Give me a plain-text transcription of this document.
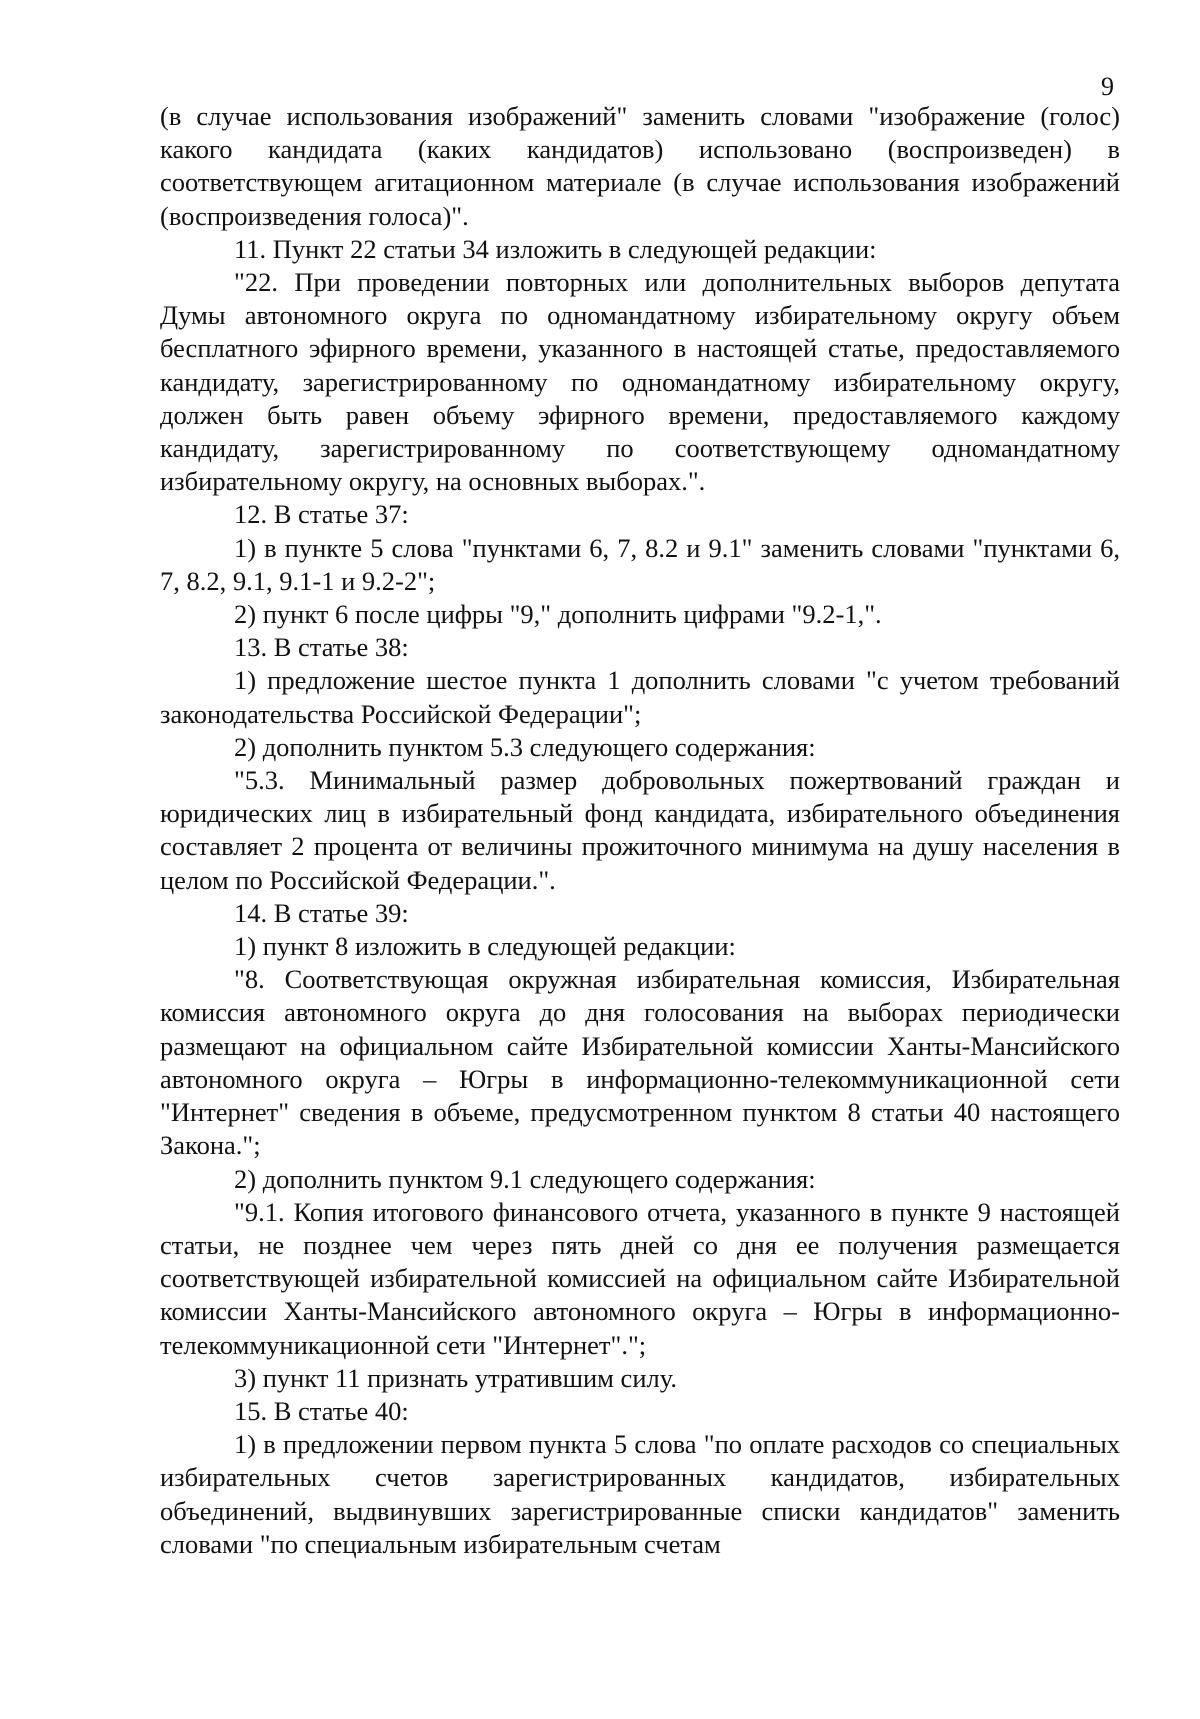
9

(в случае использования изображений" заменить словами "изображение (голос) какого кандидата (каких кандидатов) использовано (воспроизведен) в соответствующем агитационном материале (в случае использования изображений (воспроизведения голоса)".

11. Пункт 22 статьи 34 изложить в следующей редакции:

"22. При проведении повторных или дополнительных выборов депутата Думы автономного округа по одномандатному избирательному округу объем бесплатного эфирного времени, указанного в настоящей статье, предоставляемого кандидату, зарегистрированному по одномандатному избирательному округу, должен быть равен объему эфирного времени, предоставляемого каждому кандидату, зарегистрированному по соответствующему одномандатному избирательному округу, на основных выборах.".

12. В статье 37:

1) в пункте 5 слова "пунктами 6, 7, 8.2 и 9.1" заменить словами "пунктами 6, 7, 8.2, 9.1, 9.1-1 и 9.2-2";

2) пункт 6 после цифры "9," дополнить цифрами "9.2-1,".

13. В статье 38:

1) предложение шестое пункта 1 дополнить словами "с учетом требований законодательства Российской Федерации";

2) дополнить пунктом 5.3 следующего содержания:

"5.3. Минимальный размер добровольных пожертвований граждан и юридических лиц в избирательный фонд кандидата, избирательного объединения составляет 2 процента от величины прожиточного минимума на душу населения в целом по Российской Федерации.".

14. В статье 39:

1) пункт 8 изложить в следующей редакции:

"8. Соответствующая окружная избирательная комиссия, Избирательная комиссия автономного округа до дня голосования на выборах периодически размещают на официальном сайте Избирательной комиссии Ханты-Мансийского автономного округа – Югры в информационно-телекоммуникационной сети "Интернет" сведения в объеме, предусмотренном пунктом 8 статьи 40 настоящего Закона.";

2) дополнить пунктом 9.1 следующего содержания:

"9.1. Копия итогового финансового отчета, указанного в пункте 9 настоящей статьи, не позднее чем через пять дней со дня ее получения размещается соответствующей избирательной комиссией на официальном сайте Избирательной комиссии Ханты-Мансийского автономного округа – Югры в информационно-телекоммуникационной сети "Интернет".";

3) пункт 11 признать утратившим силу.

15. В статье 40:

1) в предложении первом пункта 5 слова "по оплате расходов со специальных избирательных счетов зарегистрированных кандидатов, избирательных объединений, выдвинувших зарегистрированные списки кандидатов" заменить словами "по специальным избирательным счетам
